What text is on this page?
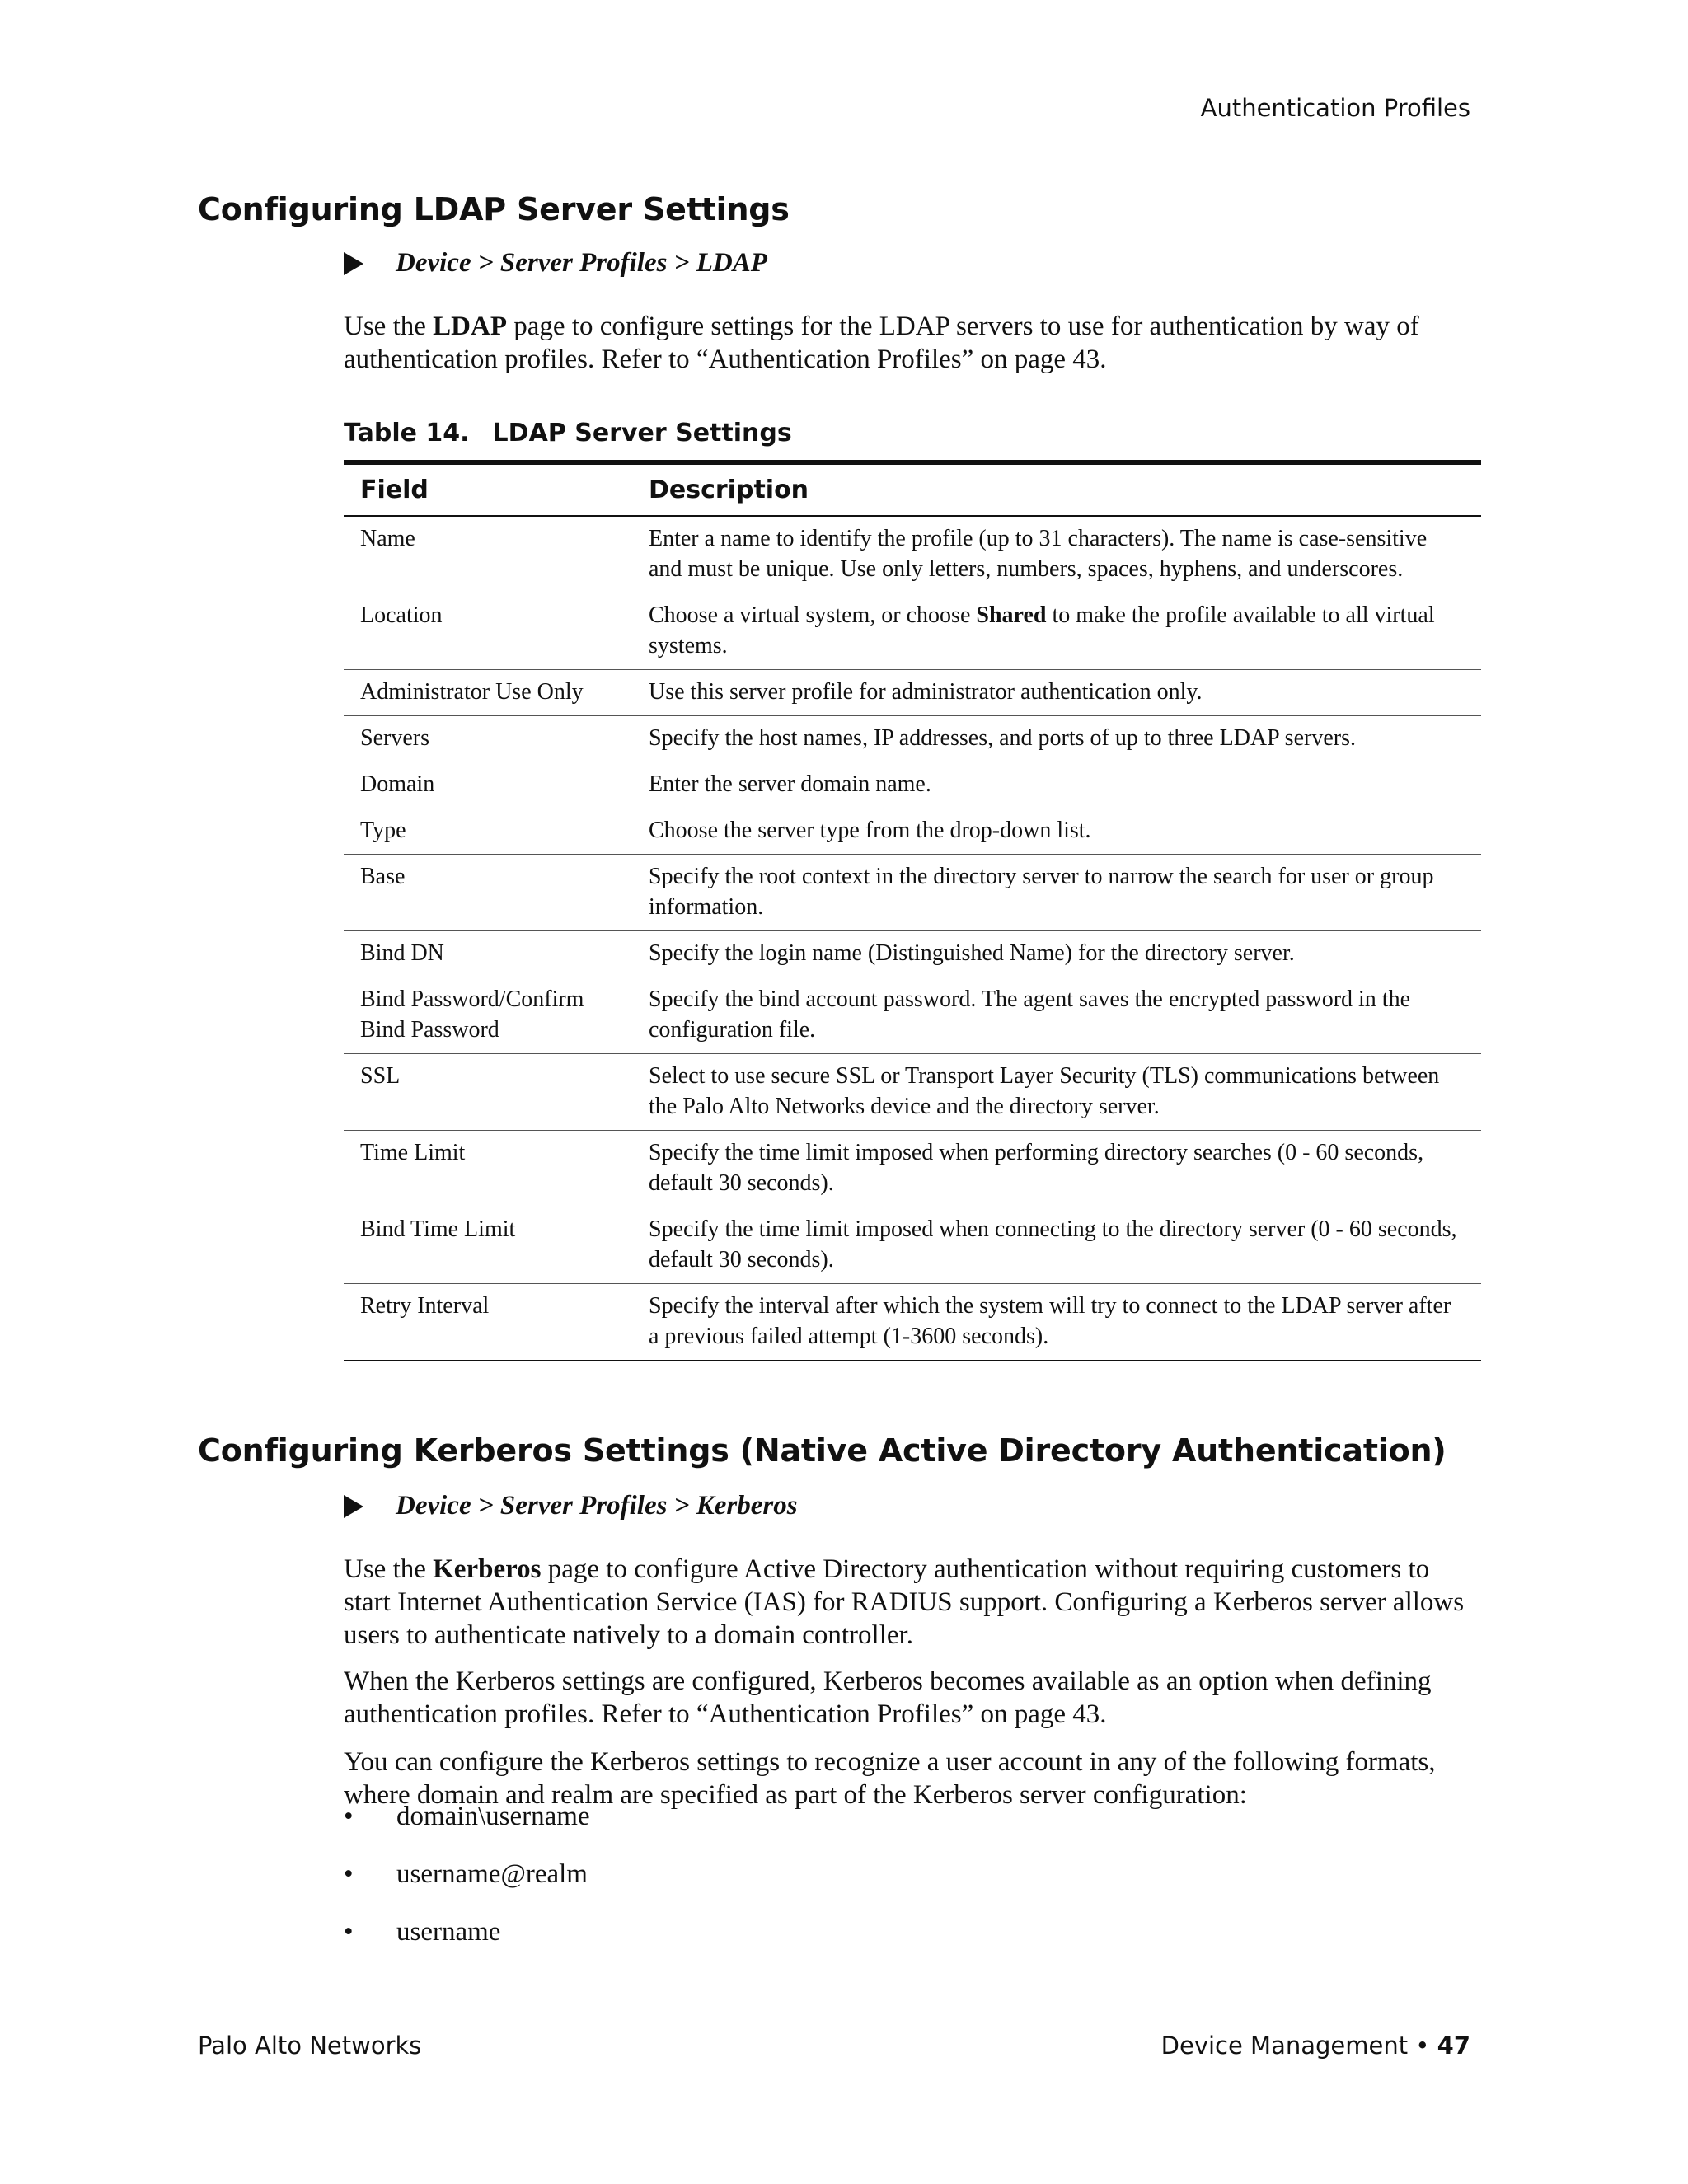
Authentication Profiles
Configuring LDAP Server Settings
Device > Server Profiles > LDAP

Use the LDAP page to configure settings for the LDAP servers to use for authentication by way of authentication profiles. Refer to “Authentication Profiles” on page 43.

Table 14. LDAP Server Settings
Field	Description
Name	Enter a name to identify the profile (up to 31 characters). The name is case-sensitive and must be unique. Use only letters, numbers, spaces, hyphens, and underscores.
Location	Choose a virtual system, or choose Shared to make the profile available to all virtual systems.
Administrator Use Only	Use this server profile for administrator authentication only.
Servers	Specify the host names, IP addresses, and ports of up to three LDAP servers.
Domain	Enter the server domain name.
Type	Choose the server type from the drop-down list.
Base	Specify the root context in the directory server to narrow the search for user or group information.
Bind DN	Specify the login name (Distinguished Name) for the directory server.
Bind Password/Confirm Bind Password	Specify the bind account password. The agent saves the encrypted password in the configuration file.
SSL	Select to use secure SSL or Transport Layer Security (TLS) communications between the Palo Alto Networks device and the directory server.
Time Limit	Specify the time limit imposed when performing directory searches (0 - 60 seconds, default 30 seconds).
Bind Time Limit	Specify the time limit imposed when connecting to the directory server (0 - 60 seconds, default 30 seconds).
Retry Interval	Specify the interval after which the system will try to connect to the LDAP server after a previous failed attempt (1-3600 seconds).
Configuring Kerberos Settings (Native Active Directory Authentication)
Device > Server Profiles > Kerberos

Use the Kerberos page to configure Active Directory authentication without requiring customers to start Internet Authentication Service (IAS) for RADIUS support. Configuring a Kerberos server allows users to authenticate natively to a domain controller.

When the Kerberos settings are configured, Kerberos becomes available as an option when defining authentication profiles. Refer to “Authentication Profiles” on page 43.

You can configure the Kerberos settings to recognize a user account in any of the following formats, where domain and realm are specified as part of the Kerberos server configuration:

• domain\username
• username@realm
• username
Palo Alto Networks	Device Management • 47
